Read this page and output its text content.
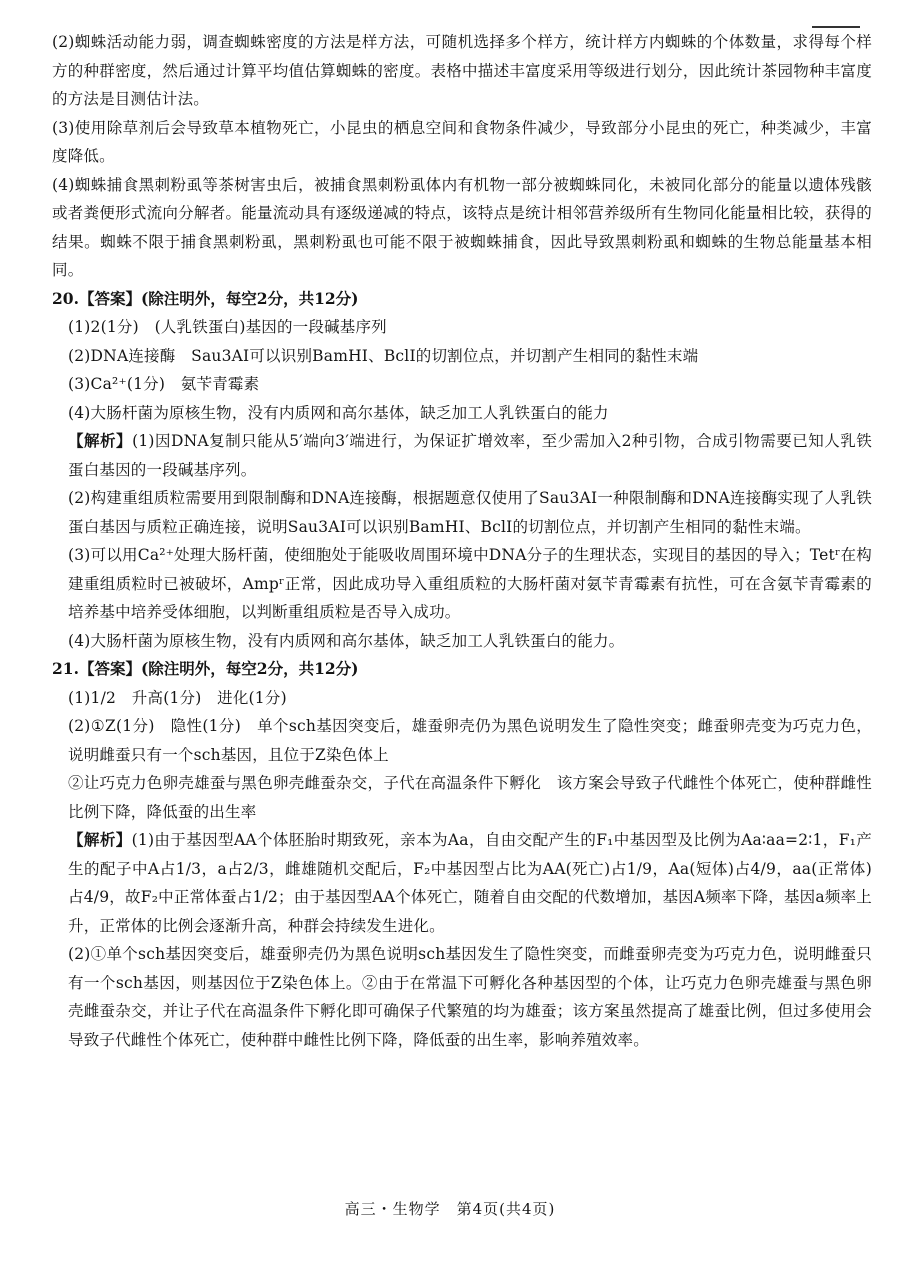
(2)蜘蛛活动能力弱，调查蜘蛛密度的方法是样方法，可随机选择多个样方，统计样方内蜘蛛的个体数量，求得每个样方的种群密度，然后通过计算平均值估算蜘蛛的密度。表格中描述丰富度采用等级进行划分，因此统计茶园物种丰富度的方法是目测估计法。

(3)使用除草剂后会导致草本植物死亡，小昆虫的栖息空间和食物条件减少，导致部分小昆虫的死亡，种类减少，丰富度降低。

(4)蜘蛛捕食黑刺粉虱等茶树害虫后，被捕食黑刺粉虱体内有机物一部分被蜘蛛同化，未被同化部分的能量以遗体残骸或者粪便形式流向分解者。能量流动具有逐级递减的特点，该特点是统计相邻营养级所有生物同化能量相比较，获得的结果。蜘蛛不限于捕食黑刺粉虱，黑刺粉虱也可能不限于被蜘蛛捕食，因此导致黑刺粉虱和蜘蛛的生物总能量基本相同。

20.【答案】(除注明外，每空2分，共12分)

(1)2(1分)　(人乳铁蛋白)基因的一段碱基序列

(2)DNA连接酶　Sau3AⅠ可以识别BamHⅠ、BclⅠ的切割位点，并切割产生相同的黏性末端

(3)Ca²⁺(1分)　氨苄青霉素

(4)大肠杆菌为原核生物，没有内质网和高尔基体，缺乏加工人乳铁蛋白的能力

【解析】(1)因DNA复制只能从5′端向3′端进行，为保证扩增效率，至少需加入2种引物，合成引物需要已知人乳铁蛋白基因的一段碱基序列。

(2)构建重组质粒需要用到限制酶和DNA连接酶，根据题意仅使用了Sau3AⅠ一种限制酶和DNA连接酶实现了人乳铁蛋白基因与质粒正确连接，说明Sau3AⅠ可以识别BamHⅠ、BclⅠ的切割位点，并切割产生相同的黏性末端。

(3)可以用Ca²⁺处理大肠杆菌，使细胞处于能吸收周围环境中DNA分子的生理状态，实现目的基因的导入；Tetʳ在构建重组质粒时已被破坏，Ampʳ正常，因此成功导入重组质粒的大肠杆菌对氨苄青霉素有抗性，可在含氨苄青霉素的培养基中培养受体细胞，以判断重组质粒是否导入成功。

(4)大肠杆菌为原核生物，没有内质网和高尔基体，缺乏加工人乳铁蛋白的能力。

21.【答案】(除注明外，每空2分，共12分)

(1)1/2　升高(1分)　进化(1分)

(2)①Z(1分)　隐性(1分)　单个sch基因突变后，雄蚕卵壳仍为黑色说明发生了隐性突变；雌蚕卵壳变为巧克力色，说明雌蚕只有一个sch基因，且位于Z染色体上

②让巧克力色卵壳雄蚕与黑色卵壳雌蚕杂交，子代在高温条件下孵化　该方案会导致子代雌性个体死亡，使种群雌性比例下降，降低蚕的出生率

【解析】(1)由于基因型AA个体胚胎时期致死，亲本为Aa，自由交配产生的F₁中基因型及比例为Aa∶aa=2∶1，F₁产生的配子中A占1/3，a占2/3，雌雄随机交配后，F₂中基因型占比为AA(死亡)占1/9，Aa(短体)占4/9，aa(正常体)占4/9，故F₂中正常体蚕占1/2；由于基因型AA个体死亡，随着自由交配的代数增加，基因A频率下降，基因a频率上升，正常体的比例会逐渐升高，种群会持续发生进化。

(2)①单个sch基因突变后，雄蚕卵壳仍为黑色说明sch基因发生了隐性突变，而雌蚕卵壳变为巧克力色，说明雌蚕只有一个sch基因，则基因位于Z染色体上。②由于在常温下可孵化各种基因型的个体，让巧克力色卵壳雄蚕与黑色卵壳雌蚕杂交，并让子代在高温条件下孵化即可确保子代繁殖的均为雄蚕；该方案虽然提高了雄蚕比例，但过多使用会导致子代雌性个体死亡，使种群中雌性比例下降，降低蚕的出生率，影响养殖效率。

高三・生物学　第4页(共4页)
